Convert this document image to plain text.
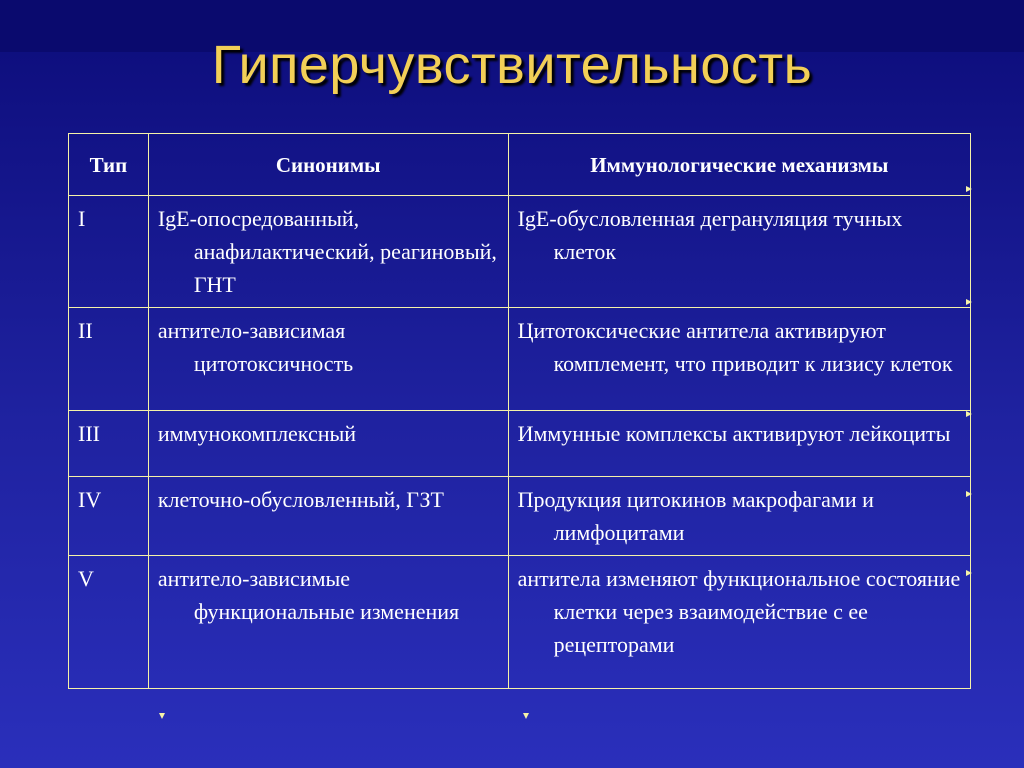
Гиперчувствительность
Тип	Синонимы	Иммунологические механизмы
I	IgE-опосредованный, анафилактический, реагиновый, ГНТ	IgE-обусловленная дегрануляция тучных клеток

II	антитело-зависимая цитотоксичность	Цитотоксические антитела активируют комплемент, что приводит к лизису клеток

III	иммунокомплексный	Иммунные комплексы активируют лейкоциты

IV	клеточно-обусловленный, ГЗТ	Продукция цитокинов макрофагами и лимфоцитами

V	антитело-зависимые функциональные изменения	антитела изменяют функциональное состояние клетки через взаимодействие с ее рецепторами
